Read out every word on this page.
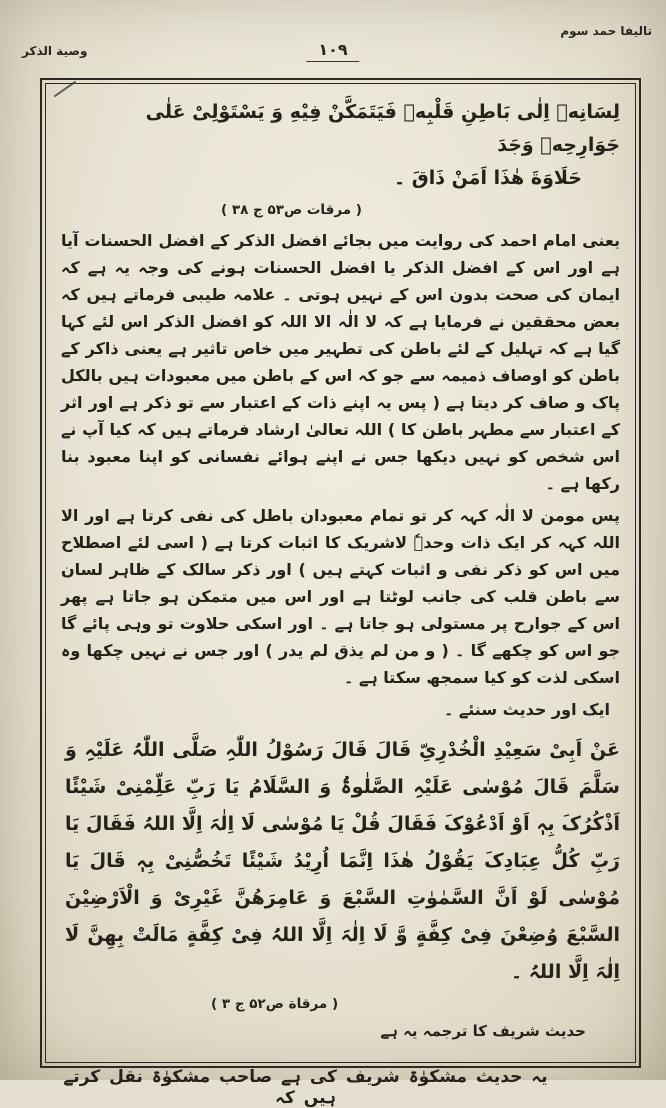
تالیفا حمد سوم
۱۰۹
وصیة الذکر
لِسَانِهٖ اِلٰی بَاطِنِ قَلْبِهٖ فَیَتَمَکَّنْ فِیْهِ وَ یَسْتَوْلِیْ عَلٰی جَوَارِحِهٖ وَجَدَ
حَلَاوَةَ ھٰذَا اَمَنْ ذَاقَ ۔
( مرقات ص۵۳ ج ۳۸ )
یعنی امام احمد کی روایت میں بجائے افضل الذکر کے افضل الحسنات آیا ہے اور اس کے افضل الذکر یا افضل الحسنات ہونے کی وجہ یہ ہے کہ ایمان کی صحت بدون اس کے نہیں ہوتی ۔ علامہ طیبی فرماتے ہیں کہ بعض محققین نے فرمایا ہے کہ لا الٰہ الا اللہ کو افضل الذکر اس لئے کہا گیا ہے کہ تہلیل کے لئے باطن کی تطہیر میں خاص تاثیر ہے یعنی ذاکر کے باطن کو اوصاف ذمیمہ سے جو کہ اس کے باطن میں معبودات ہیں بالکل پاک و صاف کر دیتا ہے ( پس یہ اپنے ذات کے اعتبار سے تو ذکر ہے اور اثر کے اعتبار سے مطہر باطن کا ) اللہ تعالیٰ ارشاد فرماتے ہیں کہ کیا آپ نے اس شخص کو نہیں دیکھا جس نے اپنے ہوائے نفسانی کو اپنا معبود بنا رکھا ہے ۔
پس مومن لا الٰہ کہہ کر تو تمام معبودان باطل کی نفی کرتا ہے اور الا اللہ کہہ کر ایک ذات وحدہٗ لاشریک کا اثبات کرتا ہے ( اسی لئے اصطلاح میں اس کو ذکر نفی و اثبات کہتے ہیں ) اور ذکر سالک کے ظاہر لسان سے باطن قلب کی جانب لوٹتا ہے اور اس میں متمکن ہو جاتا ہے پھر اس کے جوارح پر مستولی ہو جاتا ہے ۔ اور اسکی حلاوت تو وہی پائے گا جو اس کو چکھے گا ۔ ( و من لم یذق لم یدر ) اور جس نے نہیں چکھا وہ اسکی لذت کو کیا سمجھ سکتا ہے ۔
ایک اور حدیث سنئے ۔
عَنْ اَبِیْ سَعِیْدِ الْخُدْرِیِّ قَالَ قَالَ رَسُوْلُ اللّٰہِ صَلَّی اللّٰہُ عَلَیْہِ وَ سَلَّمَ قَالَ مُوْسٰی عَلَیْہِ الصَّلٰوۃُ وَ السَّلَامُ یَا رَبِّ عَلِّمْنِیْ شَیْئًا اَذْکُرُکَ بِہٖ اَوْ اَدْعُوْکَ فَقَالَ قُلْ یَا مُوْسٰی لَا اِلٰہَ اِلَّا اللہُ فَقَالَ یَا رَبِّ کُلُّ عِبَادِکَ یَقُوْلُ ھٰذَا اِنَّمَا اُرِیْدُ شَیْئًا تَخُصُّنِیْ بِہٖ قَالَ یَا مُوْسٰی لَوْ اَنَّ السَّمٰوٰتِ السَّبْعَ وَ عَامِرَھُنَّ غَیْرِیْ وَ الْاَرْضِیْنَ السَّبْعَ وُضِعْنَ فِیْ کِفَّةٍ وَّ لَا اِلٰہَ اِلَّا اللہُ فِیْ کِفَّةٍ مَالَتْ بِھِنَّ لَا اِلٰہَ اِلَّا اللہُ ۔
( مرقاة ص۵۲ ج ۳ )
حدیث شریف کا ترجمہ یہ ہے
یہ حدیث مشکوٰۃ شریف کی ہے صاحب مشکوٰۃ نقل کرتے ہیں کہ
